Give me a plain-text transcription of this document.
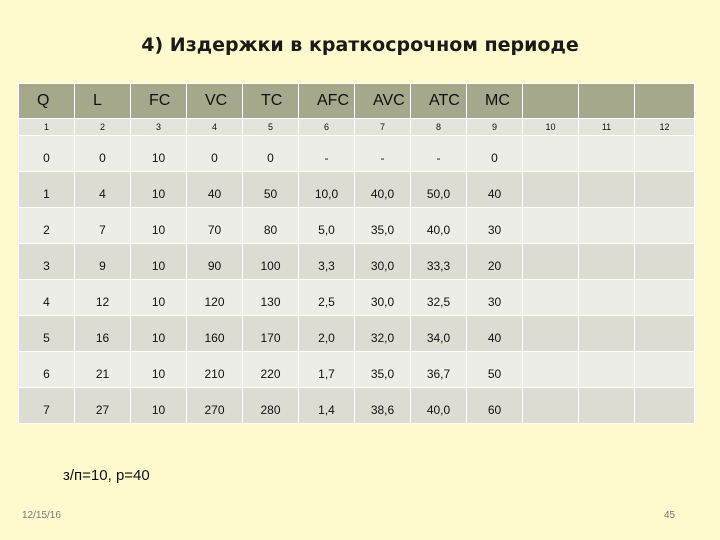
4) Издержки в краткосрочном периоде
Q	L	FC	VC	TC	AFC	AVC	ATC	MC			
1	2	3	4	5	6	7	8	9	10	11	12
0	0	10	0	0	-	-	-	0			
1	4	10	40	50	10,0	40,0	50,0	40			
2	7	10	70	80	5,0	35,0	40,0	30			
3	9	10	90	100	3,3	30,0	33,3	20			
4	12	10	120	130	2,5	30,0	32,5	30			
5	16	10	160	170	2,0	32,0	34,0	40			
6	21	10	210	220	1,7	35,0	36,7	50			
7	27	10	270	280	1,4	38,6	40,0	60			
з/п=10, р=40
12/15/16	45
